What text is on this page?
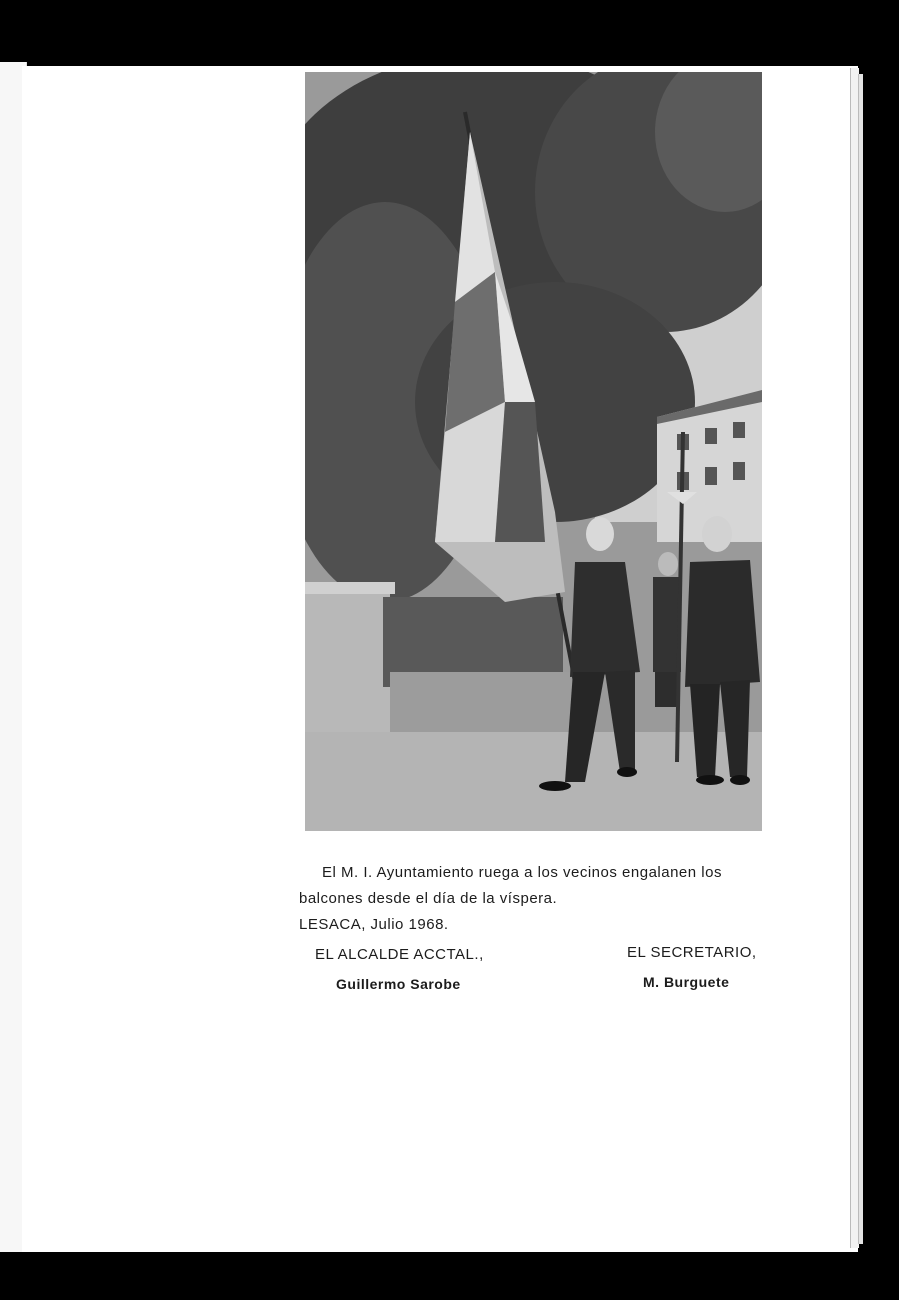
El M. I. Ayuntamiento ruega a los vecinos engalanen los
balcones desde el día de la víspera.
LESACA, Julio 1968.
EL ALCALDE ACCTAL.,
Guillermo Sarobe
EL SECRETARIO,
M. Burguete
